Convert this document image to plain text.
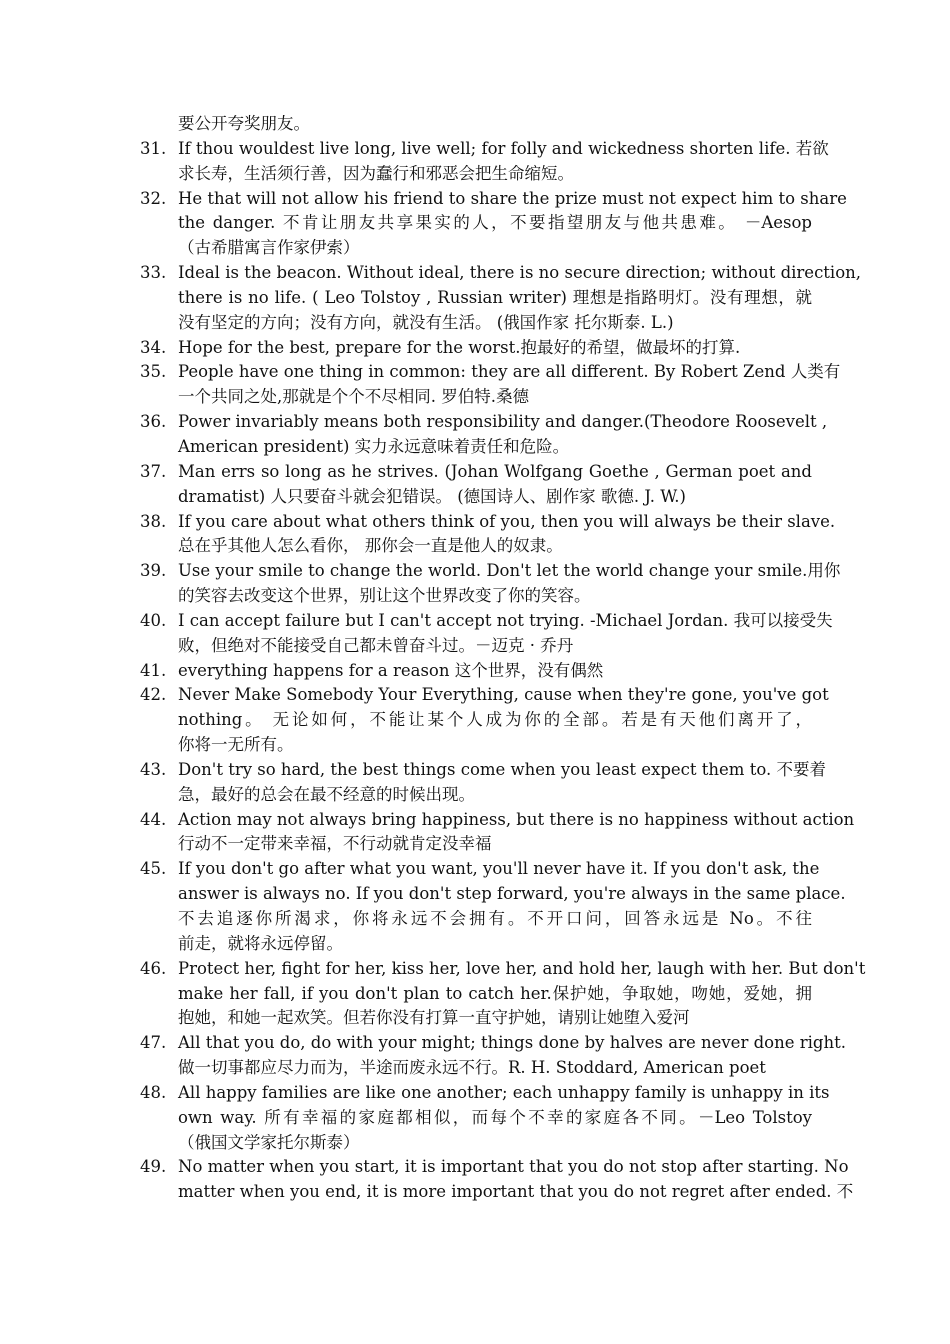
要公开夸奖朋友。
31. If thou wouldest live long, live well; for folly and wickedness shorten life. 若欲
求长寿，生活须行善，因为蠢行和邪恶会把生命缩短。
32. He that will not allow his friend to share the prize must not expect him to share
the danger. 不肯让朋友共享果实的人，不要指望朋友与他共患难。 －Aesop
（古希腊寓言作家伊索）
33. Ideal is the beacon. Without ideal, there is no secure direction; without direction,
there is no life. ( Leo Tolstoy , Russian writer) 理想是指路明灯。没有理想，就
没有坚定的方向；没有方向，就没有生活。 (俄国作家 托尔斯泰. L.)
34. Hope for the best, prepare for the worst.抱最好的希望，做最坏的打算.
35. People have one thing in common: they are all different. By Robert Zend 人类有
一个共同之处,那就是个个不尽相同. 罗伯特.桑德
36. Power invariably means both responsibility and danger.(Theodore Roosevelt ,
American president) 实力永远意味着责任和危险。
37. Man errs so long as he strives. (Johan Wolfgang Goethe , German poet and
dramatist) 人只要奋斗就会犯错误。 (德国诗人、剧作家 歌德. J. W.)
38. If you care about what others think of you, then you will always be their slave.
总在乎其他人怎么看你， 那你会一直是他人的奴隶。
39. Use your smile to change the world. Don't let the world change your smile.用你
的笑容去改变这个世界，别让这个世界改变了你的笑容。
40. I can accept failure but I can't accept not trying. -Michael Jordan. 我可以接受失
败，但绝对不能接受自己都未曾奋斗过。－迈克 · 乔丹
41. everything happens for a reason 这个世界，没有偶然
42. Never Make Somebody Your Everything, cause when they're gone, you've got
nothing。 无论如何，不能让某个人成为你的全部。若是有天他们离开了，
你将一无所有。
43. Don't try so hard, the best things come when you least expect them to. 不要着
急，最好的总会在最不经意的时候出现。
44. Action may not always bring happiness, but there is no happiness without action
行动不一定带来幸福，不行动就肯定没幸福
45. If you don't go after what you want, you'll never have it. If you don't ask, the
answer is always no. If you don't step forward, you're always in the same place.
不去追逐你所渴求，你将永远不会拥有。不开口问，回答永远是 No。不往
前走，就将永远停留。
46. Protect her, fight for her, kiss her, love her, and hold her, laugh with her. But don't
make her fall, if you don't plan to catch her.保护她，争取她，吻她，爱她，拥
抱她，和她一起欢笑。但若你没有打算一直守护她，请别让她堕入爱河
47. All that you do, do with your might; things done by halves are never done right.
做一切事都应尽力而为，半途而废永远不行。R. H. Stoddard, American poet
48. All happy families are like one another; each unhappy family is unhappy in its
own way. 所有幸福的家庭都相似，而每个不幸的家庭各不同。－Leo Tolstoy
（俄国文学家托尔斯泰）
49. No matter when you start, it is important that you do not stop after starting. No
matter when you end, it is more important that you do not regret after ended. 不
